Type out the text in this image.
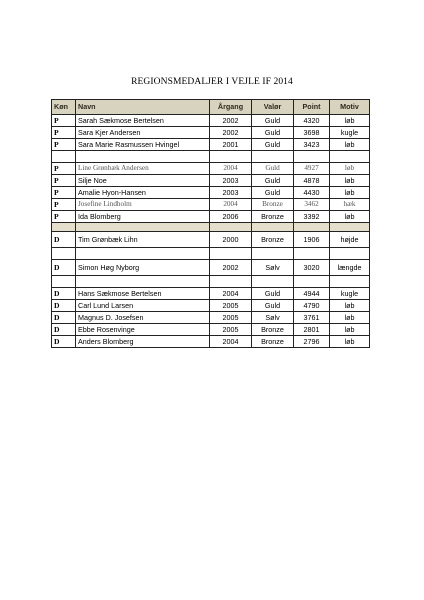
REGIONSMEDALJER I VEJLE IF 2014
Køn	Navn	Årgang	Valør	Point	Motiv
P	Sarah Sækmose Bertelsen	2002	Guld	4320	løb
P	Sara Kjer Andersen	2002	Guld	3698	kugle
P	Sara Marie Rasmussen Hvingel	2001	Guld	3423	løb

P	Line Grønbæk Andersen	2004	Guld	4927	løb
P	Silje Noe	2003	Guld	4878	løb
P	Amalie Hyon-Hansen	2003	Guld	4430	løb
P	Josefine Lindholm	2004	Bronze	3462	hæk
P	Ida Blomberg	2006	Bronze	3392	løb

D	Tim Grønbæk Lihn	2000	Bronze	1906	højde

D	Simon Høg Nyborg	2002	Sølv	3020	længde

D	Hans Sækmose Bertelsen	2004	Guld	4944	kugle
D	Carl Lund Larsen	2005	Guld	4790	løb
D	Magnus D. Josefsen	2005	Sølv	3761	løb
D	Ebbe Rosenvinge	2005	Bronze	2801	løb
D	Anders Blomberg	2004	Bronze	2796	løb
